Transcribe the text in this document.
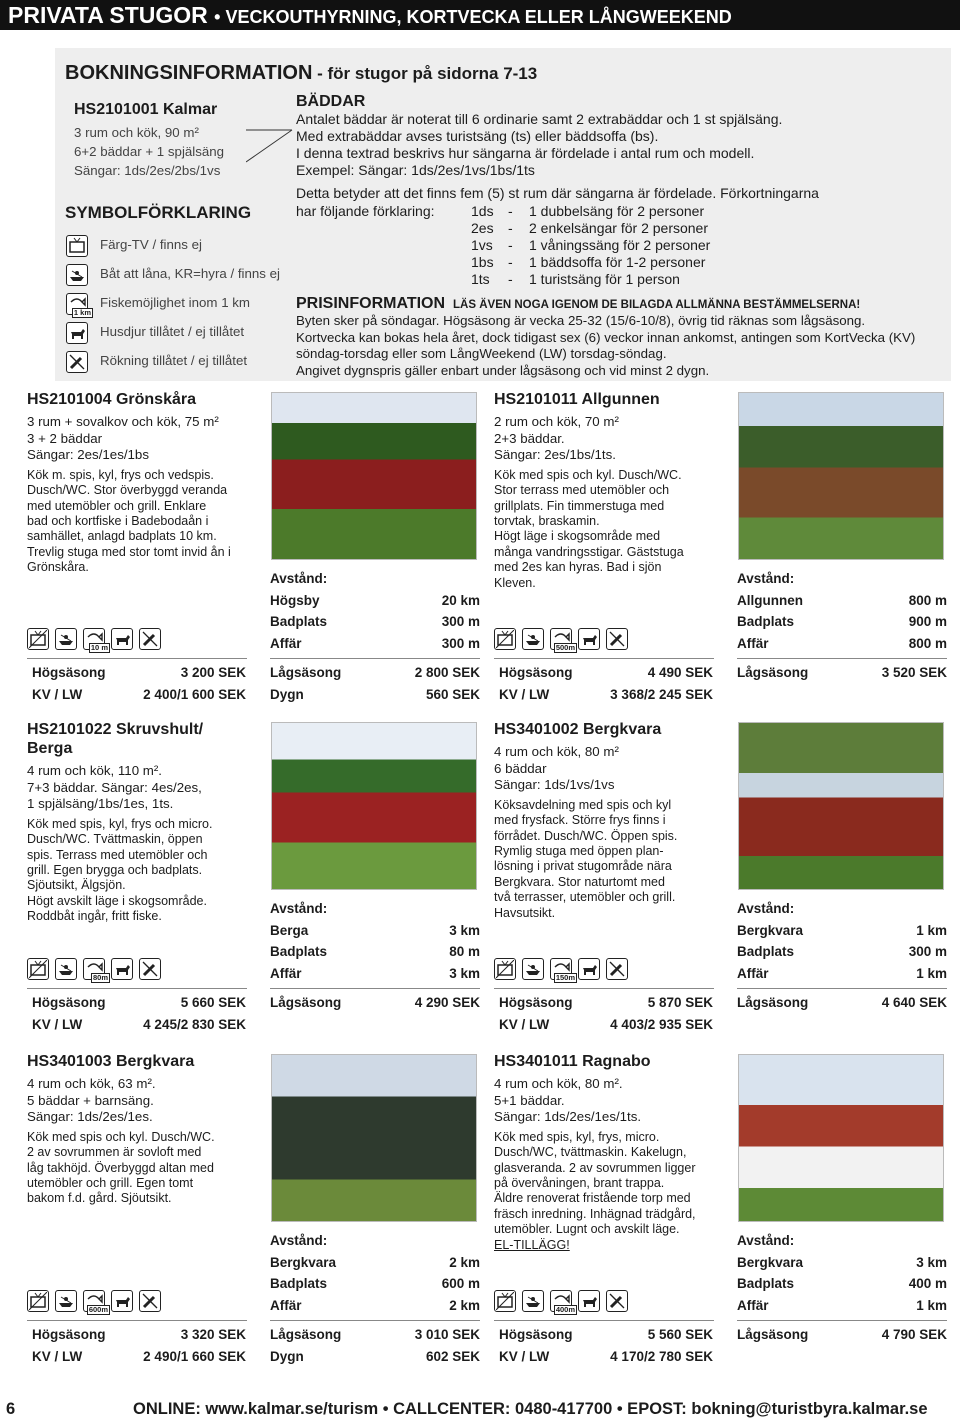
PRIVATA STUGOR • VECKOUTHYRNING, KORTVECKA ELLER LÅNGWEEKEND
BOKNINGSINFORMATION - för stugor på sidorna 7-13
HS2101001 Kalmar
3 rum och kök, 90 m²
6+2 bäddar + 1 spjälsäng
Sängar: 1ds/2es/2bs/1vs
SYMBOLFÖRKLARING
Färg-TV / finns ej
Båt att låna, KR=hyra / finns ej
1 km
Fiskemöjlighet inom 1 km
Husdjur tillåtet / ej tillåtet
Rökning tillåtet / ej tillåtet
BÄDDAR
Antalet bäddar är noterat till 6 ordinarie samt 2 extrabäddar och 1 st spjälsäng.
Med extrabäddar avses turistsäng (ts) eller bäddsoffa (bs).
I denna textrad beskrivs hur sängarna är fördelade i antal rum och modell.
Exempel: Sängar: 1ds/2es/1vs/1bs/1ts
Detta betyder att det finns fem (5) st rum där sängarna är fördelade. Förkortningarna
har följande förklaring:	1ds	-	1 dubbelsäng för 2 personer
2es	-	2 enkelsängar för 2 personer
1vs	-	1 våningssäng för 2 personer
1bs	-	1 bäddsoffa för 1-2 personer
1ts	-	1 turistsäng för 1 person
PRISINFORMATION LÄS ÄVEN NOGA IGENOM DE BILAGDA ALLMÄNNA BESTÄMMELSERNA!
Byten sker på söndagar. Högsäsong är vecka 25-32 (15/6-10/8), övrig tid räknas som lågsäsong.
Kortvecka kan bokas hela året, dock tidigast sex (6) veckor innan ankomst, antingen som KortVecka (KV)
söndag-torsdag eller som LångWeekend (LW) torsdag-söndag.
Angivet dygnspris gäller enbart under lågsäsong och vid minst 2 dygn.
HS2101004 Grönskåra
3 rum + sovalkov och kök, 75 m²
3 + 2 bäddar
Sängar: 2es/1es/1bs
Kök m. spis, kyl, frys och vedspis.
Dusch/WC. Stor överbyggd veranda
med utemöbler och grill. Enklare
bad och kortfiske i Badebodaån i
samhället, anlagd badplats 10 km.
Trevlig stuga med stor tomt invid ån i
Grönskåra.
10 m
Avstånd:
Högsby	20 km
Badplats	300 m
Affär	300 m
Högsäsong	3 200 SEK
KV / LW	2 400/1 600 SEK
Lågsäsong	2 800 SEK
Dygn	560 SEK
HS2101011 Allgunnen
2 rum och kök, 70 m²
2+3 bäddar.
Sängar: 2es/1bs/1ts.
Kök med spis och kyl. Dusch/WC.
Stor terrass med utemöbler och
grillplats. Fin timmerstuga med
torvtak, braskamin.
Högt läge i skogsområde med
många vandringsstigar. Gäststuga
med 2es kan hyras. Bad i sjön
Kleven.
500m
Avstånd:
Allgunnen	800 m
Badplats	900 m
Affär	800 m
Högsäsong	4 490 SEK
KV / LW	3 368/2 245 SEK
Lågsäsong	3 520 SEK
HS2101022 Skruvshult/
Berga
4 rum och kök, 110 m².
7+3 bäddar. Sängar: 4es/2es,
1 spjälsäng/1bs/1es, 1ts.
Kök med spis, kyl, frys och micro.
Dusch/WC. Tvättmaskin, öppen
spis. Terrass med utemöbler och
grill. Egen brygga och badplats.
Sjöutsikt, Älgsjön.
Högt avskilt läge i skogsområde.
Roddbåt ingår, fritt fiske.
80m
Avstånd:
Berga	3 km
Badplats	80 m
Affär	3 km
Högsäsong	5 660 SEK
KV / LW	4 245/2 830 SEK
Lågsäsong	4 290 SEK
HS3401002 Bergkvara
4 rum och kök, 80 m²
6 bäddar
Sängar: 1ds/1vs/1vs
Köksavdelning med spis och kyl
med frysfack. Större frys finns i
förrådet. Dusch/WC. Öppen spis.
Rymlig stuga med öppen plan-
lösning i privat stugområde nära
Bergkvara. Stor naturtomt med
två terrasser, utemöbler och grill.
Havsutsikt.
150m
Avstånd:
Bergkvara	1 km
Badplats	300 m
Affär	1 km
Högsäsong	5 870 SEK
KV / LW	4 403/2 935 SEK
Lågsäsong	4 640 SEK
HS3401003 Bergkvara
4 rum och kök, 63 m².
5 bäddar + barnsäng.
Sängar: 1ds/2es/1es.
Kök med spis och kyl. Dusch/WC.
2 av sovrummen är sovloft med
låg takhöjd. Överbyggd altan med
utemöbler och grill. Egen tomt
bakom f.d. gård. Sjöutsikt.
600m
Avstånd:
Bergkvara	2 km
Badplats	600 m
Affär	2 km
Högsäsong	3 320 SEK
KV / LW	2 490/1 660 SEK
Lågsäsong	3 010 SEK
Dygn	602 SEK
HS3401011 Ragnabo
4 rum och kök, 80 m².
5+1 bäddar.
Sängar: 1ds/2es/1es/1ts.
Kök med spis, kyl, frys, micro.
Dusch/WC, tvättmaskin. Kakelugn,
glasveranda. 2 av sovrummen ligger
på övervåningen, brant trappa.
Äldre renoverat fristående torp med
fräsch inredning. Inhägnad trädgård,
utemöbler. Lugnt och avskilt läge.
EL-TILLÄGG!
400m
Avstånd:
Bergkvara	3 km
Badplats	400 m
Affär	1 km
Högsäsong	5 560 SEK
KV / LW	4 170/2 780 SEK
Lågsäsong	4 790 SEK
6	ONLINE: www.kalmar.se/turism • CALLCENTER: 0480-417700 • EPOST: bokning@turistbyra.kalmar.se
